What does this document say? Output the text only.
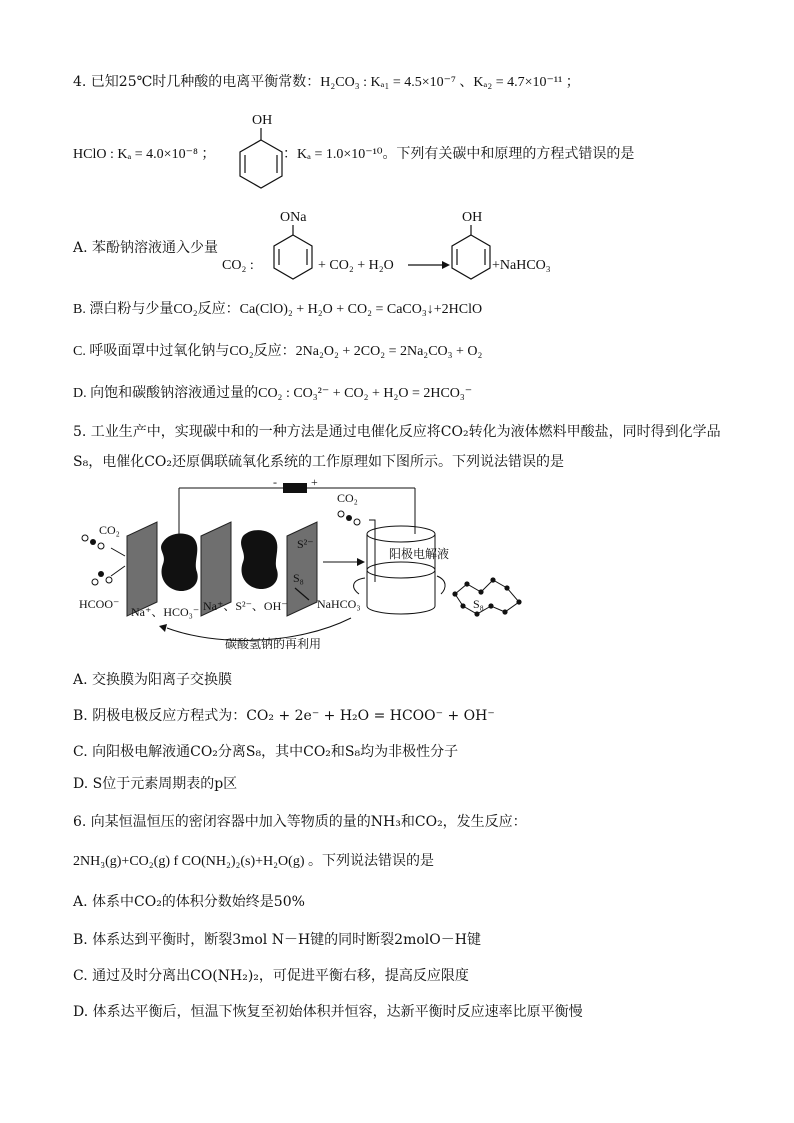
4. 已知25℃时几种酸的电离平衡常数：H₂CO₃ : Kₐ₁ = 4.5×10⁻⁷ 、Kₐ₂ = 4.7×10⁻¹¹ ；
OH
HClO : Kₐ = 4.0×10⁻⁸ ；	：Kₐ = 1.0×10⁻¹⁰。下列有关碳中和原理的方程式错误的是
A. 苯酚钠溶液通入少量
CO₂ :
ONa
+ CO₂ + H₂O
OH
+NaHCO₃
B. 漂白粉与少量CO₂反应：Ca(ClO)₂ + H₂O + CO₂ = CaCO₃↓+2HClO
C. 呼吸面罩中过氧化钠与CO₂反应：2Na₂O₂ + 2CO₂ = 2Na₂CO₃ + O₂
D. 向饱和碳酸钠溶液通过量的CO₂ : CO₃²⁻ + CO₂ + H₂O = 2HCO₃⁻
5. 工业生产中，实现碳中和的一种方法是通过电催化反应将CO₂转化为液体燃料甲酸盐，同时得到化学品
S₈，电催化CO₂还原偶联硫氧化系统的工作原理如下图所示。下列说法错误的是
-	+
CO₂
HCOO⁻
Na⁺、HCO₃⁻ Na⁺、S²⁻、OH⁻
S²⁻
S₈
CO₂
阳极电解液
NaHCO₃	S₈
碳酸氢钠的再利用
A. 交换膜为阳离子交换膜
B. 阴极电极反应方程式为：CO₂ + 2e⁻ + H₂O = HCOO⁻ + OH⁻
C. 向阳极电解液通CO₂分离S₈，其中CO₂和S₈均为非极性分子
D. S位于元素周期表的p区
6. 向某恒温恒压的密闭容器中加入等物质的量的NH₃和CO₂，发生反应：
2NH₃(g)+CO₂(g) f CO(NH₂)₂(s)+H₂O(g) 。下列说法错误的是
A. 体系中CO₂的体积分数始终是50%
B. 体系达到平衡时，断裂3mol N－H键的同时断裂2molO－H键
C. 通过及时分离出CO(NH₂)₂，可促进平衡右移，提高反应限度
D. 体系达平衡后，恒温下恢复至初始体积并恒容，达新平衡时反应速率比原平衡慢
